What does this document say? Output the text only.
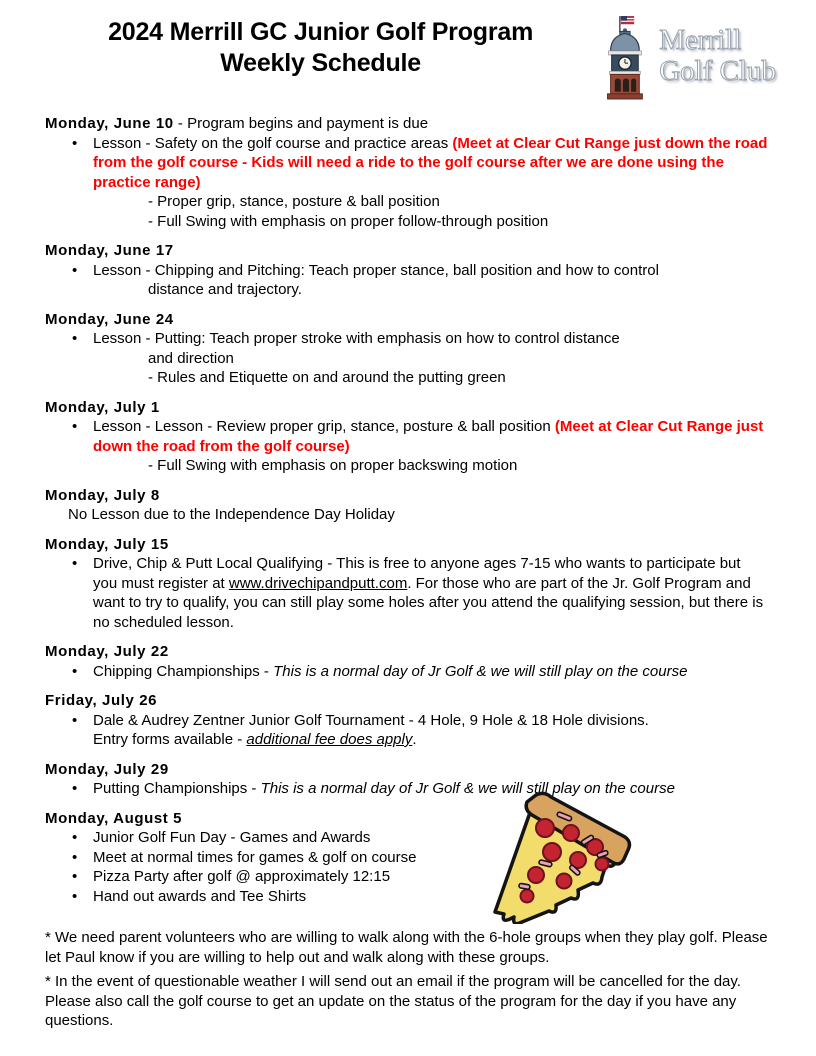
2024 Merrill GC Junior Golf Program
Weekly Schedule
Merrill
Golf Club
Monday, June 10 - Program begins and payment is due
• Lesson - Safety on the golf course and practice areas (Meet at Clear Cut Range just down the road from the golf course - Kids will need a ride to the golf course after we are done using the practice range)
- Proper grip, stance, posture & ball position
- Full Swing with emphasis on proper follow-through position
Monday, June 17
• Lesson - Chipping and Pitching: Teach proper stance, ball position and how to control
distance and trajectory.
Monday, June 24
• Lesson - Putting: Teach proper stroke with emphasis on how to control distance
and direction
- Rules and Etiquette on and around the putting green
Monday, July 1
• Lesson - Lesson - Review proper grip, stance, posture & ball position (Meet at Clear Cut Range just down the road from the golf course)
- Full Swing with emphasis on proper backswing motion
Monday, July 8
No Lesson due to the Independence Day Holiday
Monday, July 15
• Drive, Chip & Putt Local Qualifying - This is free to anyone ages 7-15 who wants to participate but you must register at www.drivechipandputt.com. For those who are part of the Jr. Golf Program and want to try to qualify, you can still play some holes after you attend the qualifying session, but there is no scheduled lesson.
Monday, July 22
• Chipping Championships - This is a normal day of Jr Golf & we will still play on the course
Friday, July 26
• Dale & Audrey Zentner Junior Golf Tournament - 4 Hole, 9 Hole & 18 Hole divisions.
Entry forms available - additional fee does apply.
Monday, July 29
• Putting Championships - This is a normal day of Jr Golf & we will still play on the course
Monday, August 5
• Junior Golf Fun Day - Games and Awards
• Meet at normal times for games & golf on course
• Pizza Party after golf @ approximately 12:15
• Hand out awards and Tee Shirts

* We need parent volunteers who are willing to walk along with the 6-hole groups when they play golf. Please let Paul know if you are willing to help out and walk along with these groups.

* In the event of questionable weather I will send out an email if the program will be cancelled for the day. Please also call the golf course to get an update on the status of the program for the day if you have any questions.
